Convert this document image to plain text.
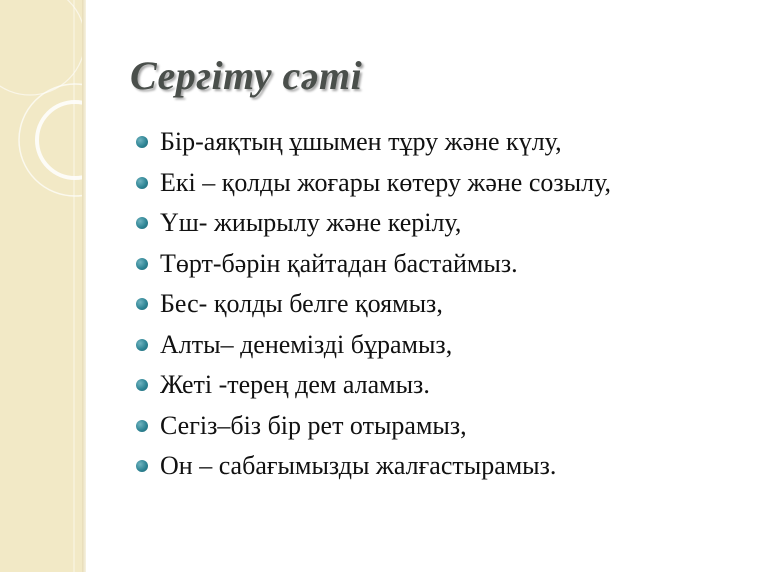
Сергіту сәті
Бір-аяқтың ұшымен тұру және күлу,
Екі – қолды жоғары көтеру және созылу,
Үш- жиырылу және керілу,
Төрт-бәрін қайтадан бастаймыз.
Бес- қолды белге қоямыз,
Алты– денемізді бұрамыз,
Жеті -терең дем аламыз.
Сегіз–біз бір рет отырамыз,
Он – сабағымызды жалғастырамыз.
